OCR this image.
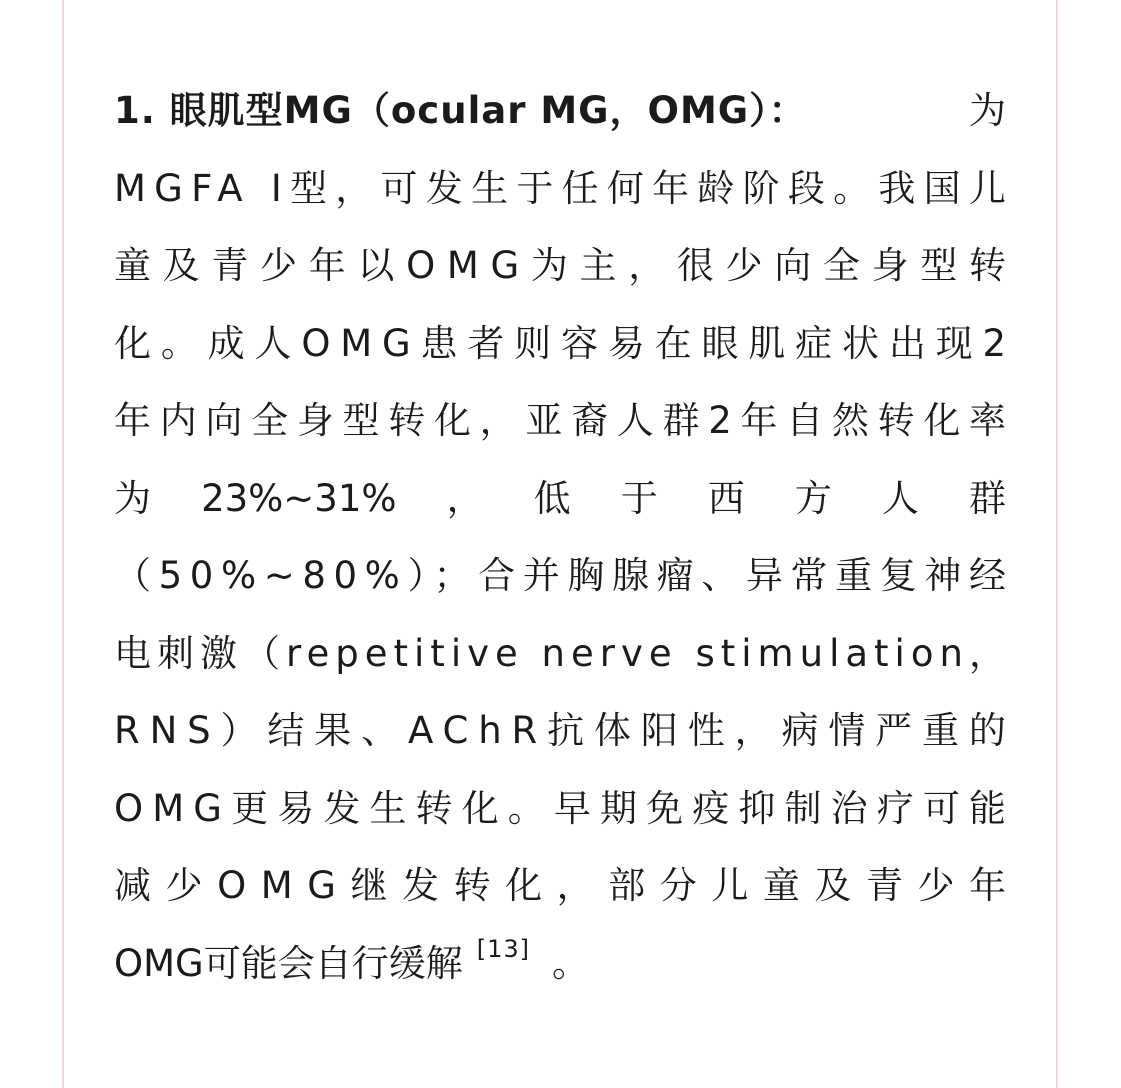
1. 眼肌型MG（ocular MG，OMG）：	为
MGFA I型，可发生于任何年龄阶段。我国儿
童及青少年以OMG为主，很少向全身型转
化。成人OMG患者则容易在眼肌症状出现2
年内向全身型转化，亚裔人群2年自然转化率
为 23%~31% ， 低 于 西 方 人 群
（50%~80%）；合并胸腺瘤、异常重复神经
电刺激（repetitive nerve stimulation，
RNS）结果、AChR抗体阳性，病情严重的
OMG更易发生转化。早期免疫抑制治疗可能
减少OMG继发转化，部分儿童及青少年
OMG可能会自行缓解 [13] 。
